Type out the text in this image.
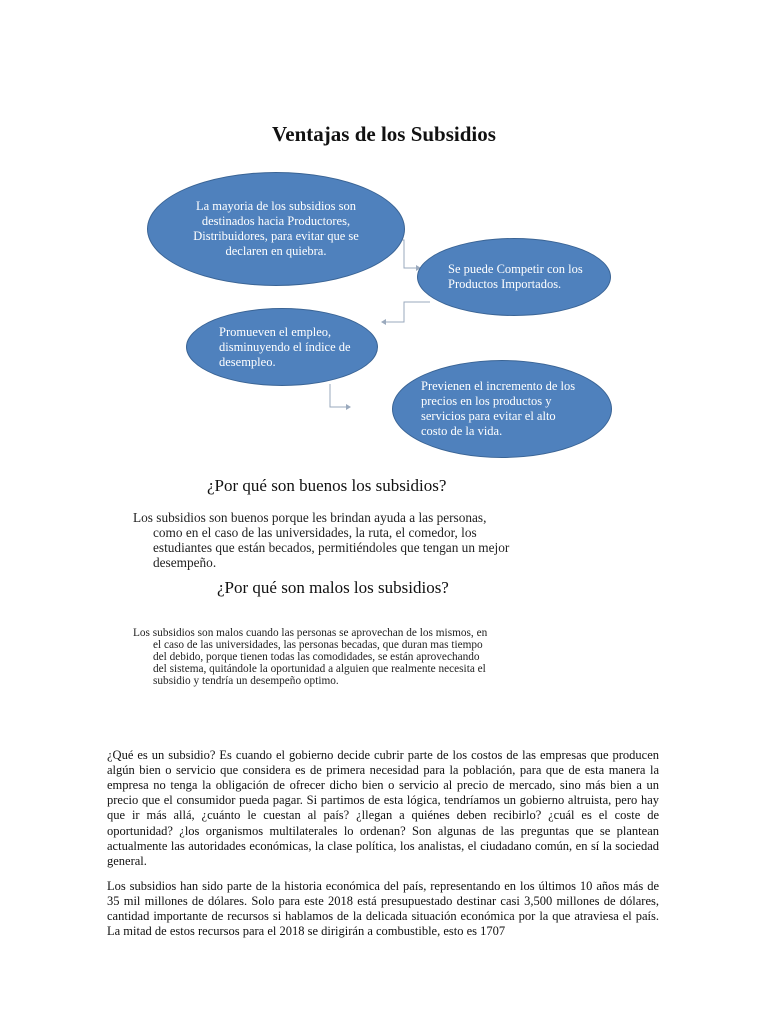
Ventajas de los Subsidios
La mayoria de los subsidios son destinados hacia Productores, Distribuidores, para evitar que se declaren en quiebra.
Se puede Competir con los Productos Importados.
Promueven el empleo, disminuyendo el índice de desempleo.
Previenen el incremento de los precios en los productos y servicios para evitar el alto costo de la vida.
¿Por qué son buenos los subsidios?
Los subsidios son buenos porque les brindan ayuda a las personas,
como en el caso de las universidades, la ruta, el comedor, los
estudiantes que están becados, permitiéndoles que tengan un mejor
desempeño.
¿Por qué son malos los subsidios?
Los subsidios son malos cuando las personas se aprovechan de los mismos, en
el caso de las universidades, las personas becadas, que duran mas tiempo
del debido, porque tienen todas las comodidades, se están aprovechando
del sistema, quitándole la oportunidad a alguien que realmente necesita el
subsidio y tendría un desempeño optimo.

¿Qué es un subsidio? Es cuando el gobierno decide cubrir parte de los costos de las empresas que producen algún bien o servicio que considera es de primera necesidad para la población, para que de esta manera la empresa no tenga la obligación de ofrecer dicho bien o servicio al precio de mercado, sino más bien a un precio que el consumidor pueda pagar. Si partimos de esta lógica, tendríamos un gobierno altruista, pero hay que ir más allá, ¿cuánto le cuestan al país? ¿llegan a quiénes deben recibirlo? ¿cuál es el coste de oportunidad? ¿los organismos multilaterales lo ordenan? Son algunas de las preguntas que se plantean actualmente las autoridades económicas, la clase política, los analistas, el ciudadano común, en sí la sociedad general.

Los subsidios han sido parte de la historia económica del país, representando en los últimos 10 años más de 35 mil millones de dólares. Solo para este 2018 está presupuestado destinar casi 3,500 millones de dólares, cantidad importante de recursos si hablamos de la delicada situación económica por la que atraviesa el país. La mitad de estos recursos para el 2018 se dirigirán a combustible, esto es 1707
